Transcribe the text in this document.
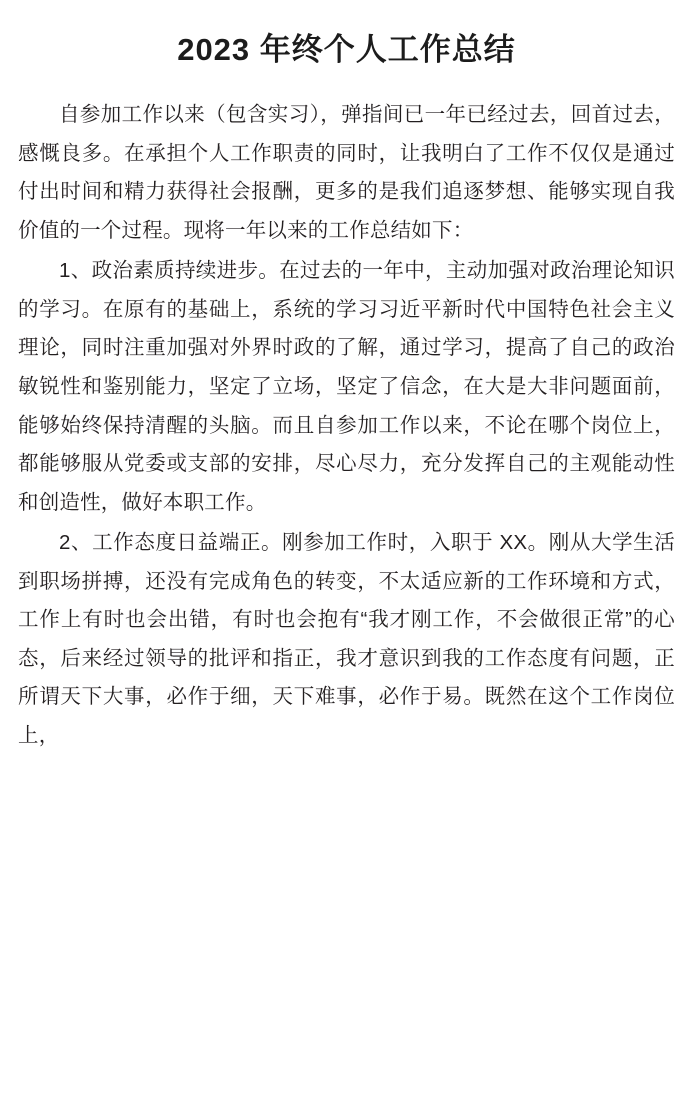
2023 年终个人工作总结

自参加工作以来（包含实习），弹指间已一年已经过去，回首过去，感慨良多。在承担个人工作职责的同时，让我明白了工作不仅仅是通过付出时间和精力获得社会报酬，更多的是我们追逐梦想、能够实现自我价值的一个过程。现将一年以来的工作总结如下：

1、政治素质持续进步。在过去的一年中，主动加强对政治理论知识的学习。在原有的基础上，系统的学习习近平新时代中国特色社会主义理论，同时注重加强对外界时政的了解，通过学习，提高了自己的政治敏锐性和鉴别能力，坚定了立场，坚定了信念，在大是大非问题面前，能够始终保持清醒的头脑。而且自参加工作以来，不论在哪个岗位上，都能够服从党委或支部的安排，尽心尽力，充分发挥自己的主观能动性和创造性，做好本职工作。

2、工作态度日益端正。刚参加工作时，入职于 XX。刚从大学生活到职场拼搏，还没有完成角色的转变，不太适应新的工作环境和方式，工作上有时也会出错，有时也会抱有“我才刚工作，不会做很正常”的心态，后来经过领导的批评和指正，我才意识到我的工作态度有问题，正所谓天下大事，必作于细，天下难事，必作于易。既然在这个工作岗位上，
